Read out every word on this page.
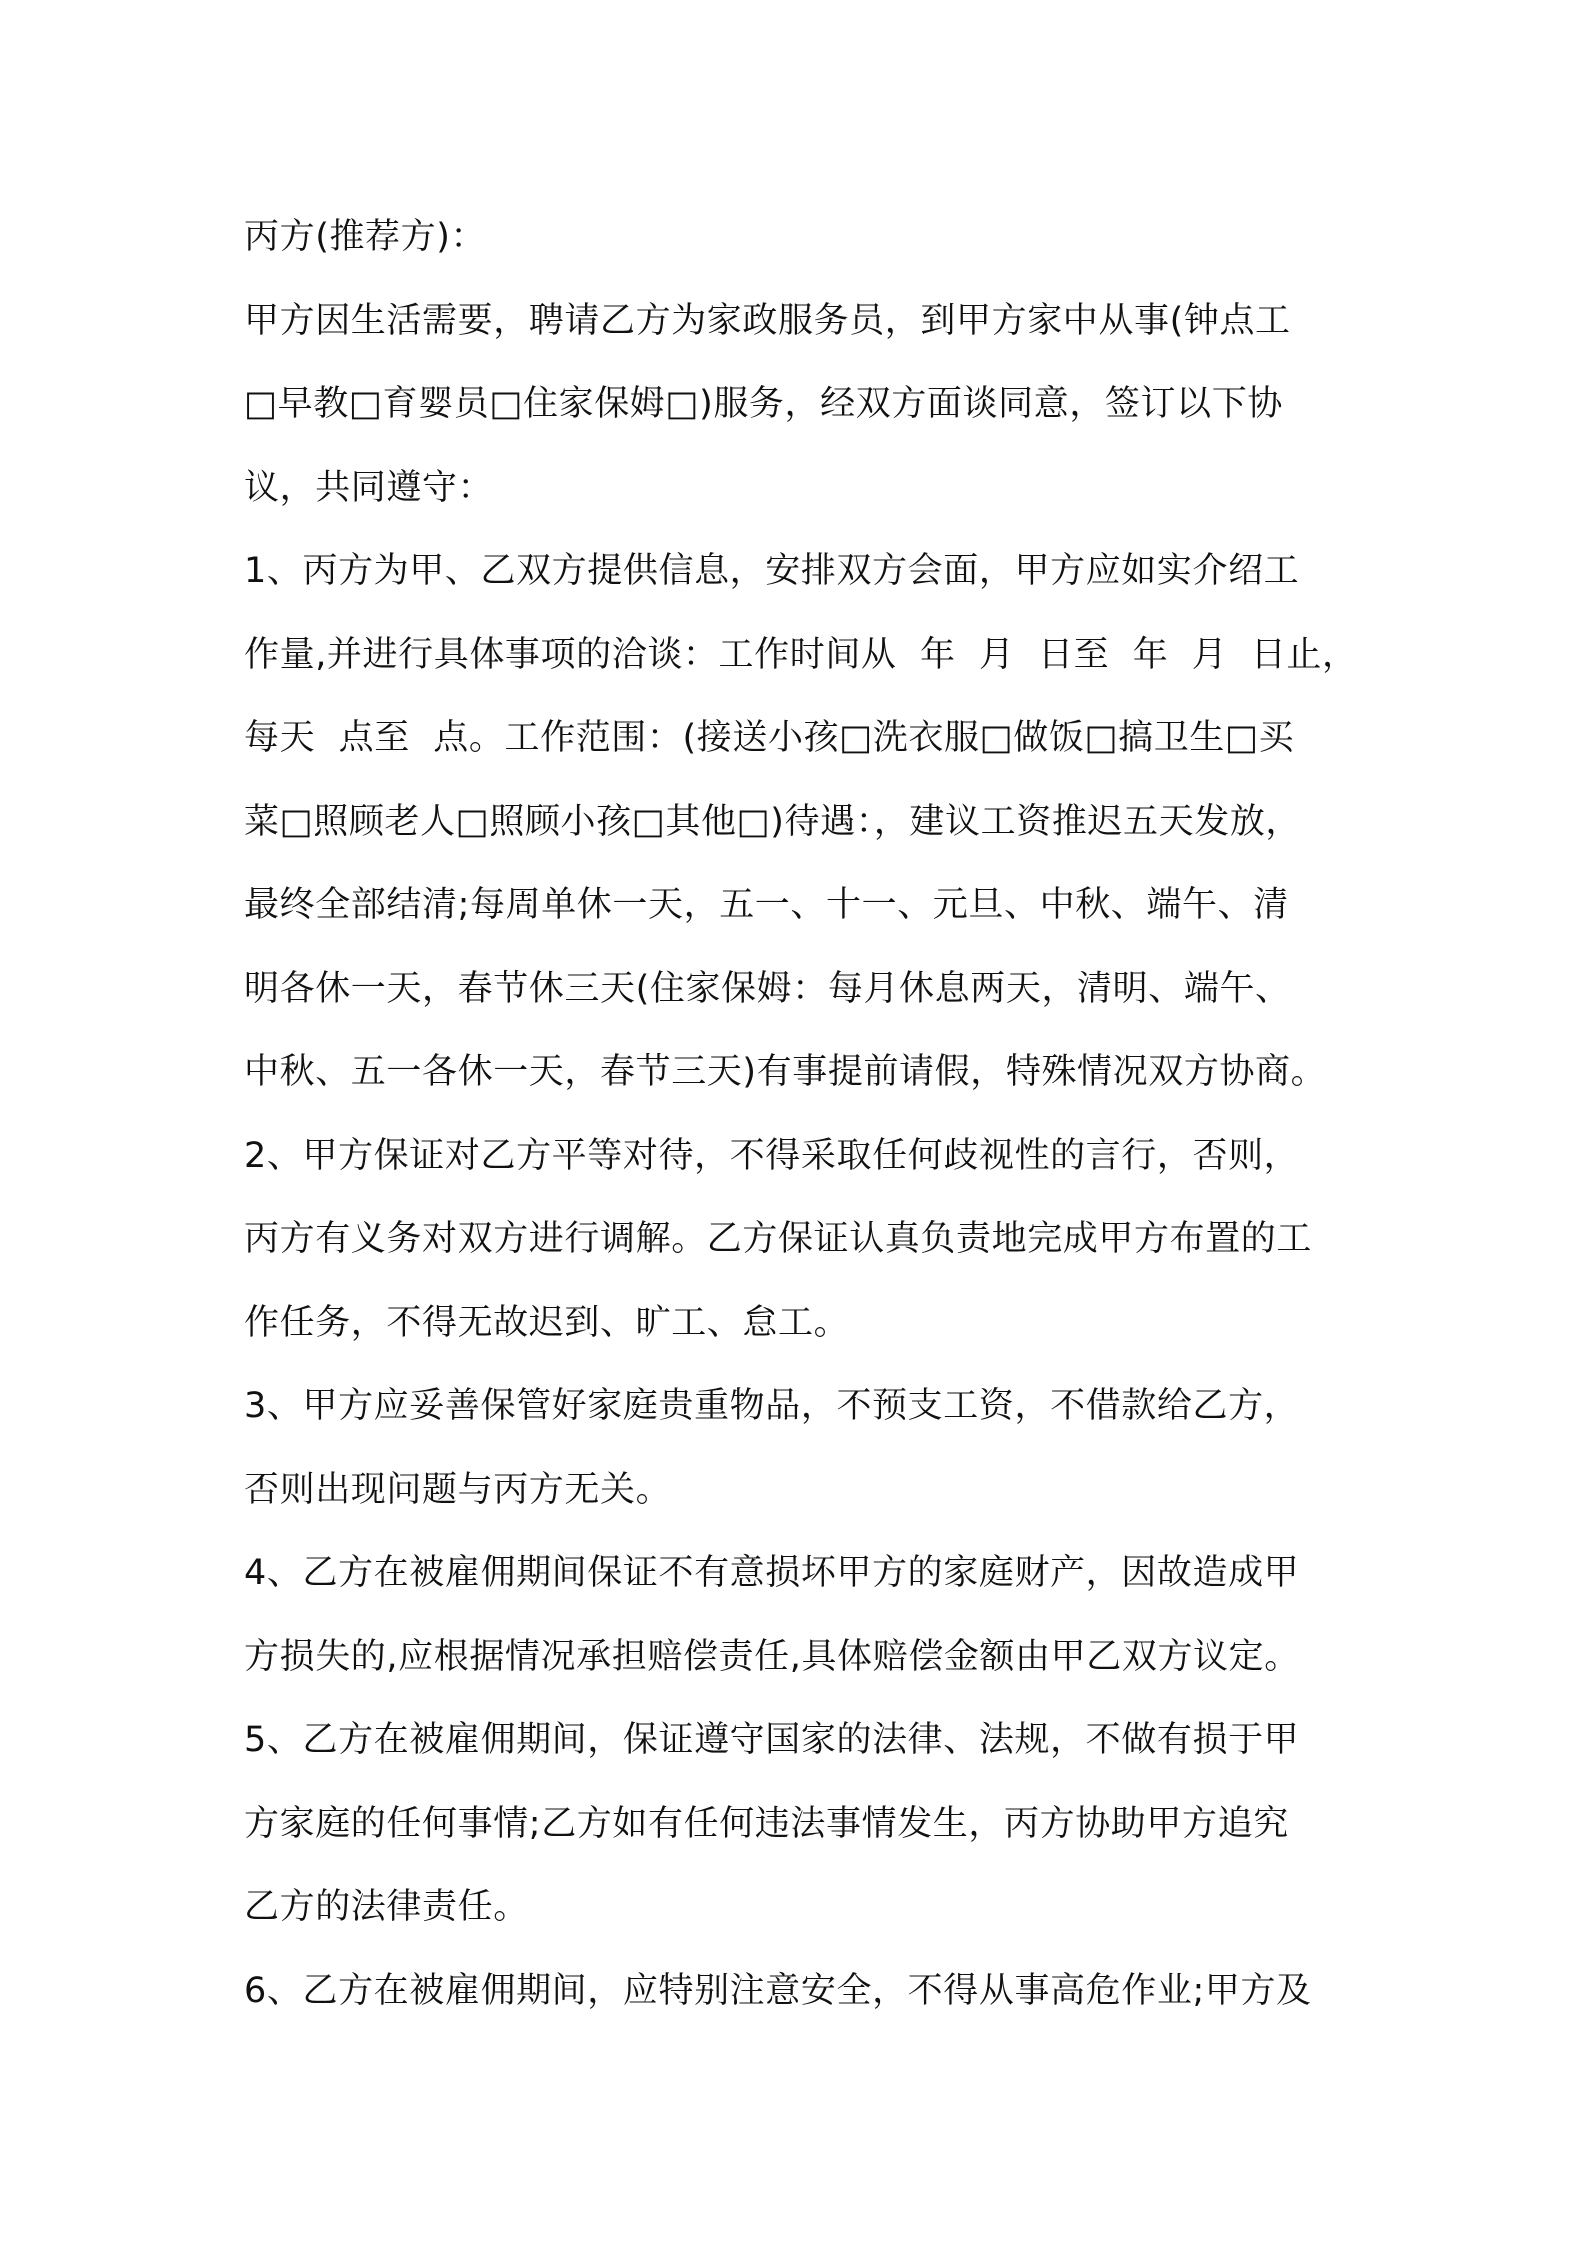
丙方(推荐方)：
甲方因生活需要，聘请乙方为家政服务员，到甲方家中从事(钟点工
□早教□育婴员□住家保姆□)服务，经双方面谈同意，签订以下协
议，共同遵守：
1、丙方为甲、乙双方提供信息，安排双方会面，甲方应如实介绍工
作量,并进行具体事项的洽谈：工作时间从  年  月  日至  年  月  日止，
每天  点至  点。工作范围：(接送小孩□洗衣服□做饭□搞卫生□买
菜□照顾老人□照顾小孩□其他□)待遇：，建议工资推迟五天发放，
最终全部结清;每周单休一天，五一、十一、元旦、中秋、端午、清
明各休一天，春节休三天(住家保姆：每月休息两天，清明、端午、
中秋、五一各休一天，春节三天)有事提前请假，特殊情况双方协商。
2、甲方保证对乙方平等对待，不得采取任何歧视性的言行，否则，
丙方有义务对双方进行调解。乙方保证认真负责地完成甲方布置的工
作任务，不得无故迟到、旷工、怠工。
3、甲方应妥善保管好家庭贵重物品，不预支工资，不借款给乙方，
否则出现问题与丙方无关。
4、乙方在被雇佣期间保证不有意损坏甲方的家庭财产，因故造成甲
方损失的,应根据情况承担赔偿责任,具体赔偿金额由甲乙双方议定。
5、乙方在被雇佣期间，保证遵守国家的法律、法规，不做有损于甲
方家庭的任何事情;乙方如有任何违法事情发生，丙方协助甲方追究
乙方的法律责任。
6、乙方在被雇佣期间，应特别注意安全，不得从事高危作业;甲方及
